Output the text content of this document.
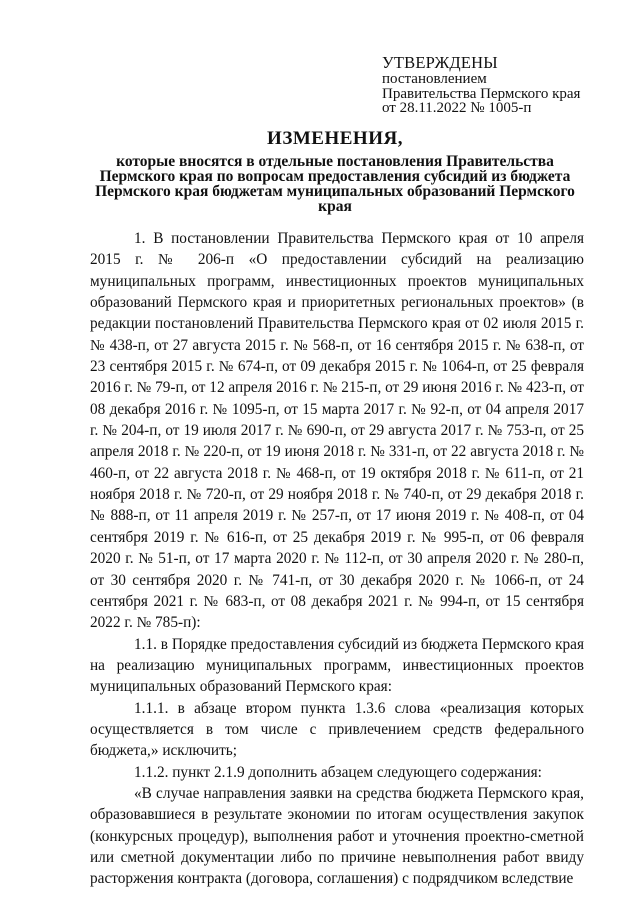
УТВЕРЖДЕНЫ
постановлением
Правительства Пермского края
от 28.11.2022 № 1005-п
ИЗМЕНЕНИЯ,
которые вносятся в отдельные постановления Правительства Пермского края по вопросам предоставления субсидий из бюджета Пермского края бюджетам муниципальных образований Пермского края

1. В постановлении Правительства Пермского края от 10 апреля 2015 г. № 206-п «О предоставлении субсидий на реализацию муниципальных программ, инвестиционных проектов муниципальных образований Пермского края и приоритетных региональных проектов» (в редакции постановлений Правительства Пермского края от 02 июля 2015 г. № 438-п, от 27 августа 2015 г. № 568-п, от 16 сентября 2015 г. № 638-п, от 23 сентября 2015 г. № 674-п, от 09 декабря 2015 г. № 1064-п, от 25 февраля 2016 г. № 79-п, от 12 апреля 2016 г. № 215-п, от 29 июня 2016 г. № 423-п, от 08 декабря 2016 г. № 1095-п, от 15 марта 2017 г. № 92-п, от 04 апреля 2017 г. № 204-п, от 19 июля 2017 г. № 690-п, от 29 августа 2017 г. № 753-п, от 25 апреля 2018 г. № 220-п, от 19 июня 2018 г. № 331-п, от 22 августа 2018 г. № 460-п, от 22 августа 2018 г. № 468-п, от 19 октября 2018 г. № 611-п, от 21 ноября 2018 г. № 720-п, от 29 ноября 2018 г. № 740-п, от 29 декабря 2018 г. № 888-п, от 11 апреля 2019 г. № 257-п, от 17 июня 2019 г. № 408-п, от 04 сентября 2019 г. № 616-п, от 25 декабря 2019 г. № 995-п, от 06 февраля 2020 г. № 51-п, от 17 марта 2020 г. № 112-п, от 30 апреля 2020 г. № 280-п, от 30 сентября 2020 г. № 741-п, от 30 декабря 2020 г. № 1066-п, от 24 сентября 2021 г. № 683-п, от 08 декабря 2021 г. № 994-п, от 15 сентября 2022 г. № 785-п):

1.1. в Порядке предоставления субсидий из бюджета Пермского края на реализацию муниципальных программ, инвестиционных проектов муниципальных образований Пермского края:

1.1.1. в абзаце втором пункта 1.3.6 слова «реализация которых осуществляется в том числе с привлечением средств федерального бюджета,» исключить;

1.1.2. пункт 2.1.9 дополнить абзацем следующего содержания:

«В случае направления заявки на средства бюджета Пермского края, образовавшиеся в результате экономии по итогам осуществления закупок (конкурсных процедур), выполнения работ и уточнения проектно-сметной или сметной документации либо по причине невыполнения работ ввиду расторжения контракта (договора, соглашения) с подрядчиком вследствие
